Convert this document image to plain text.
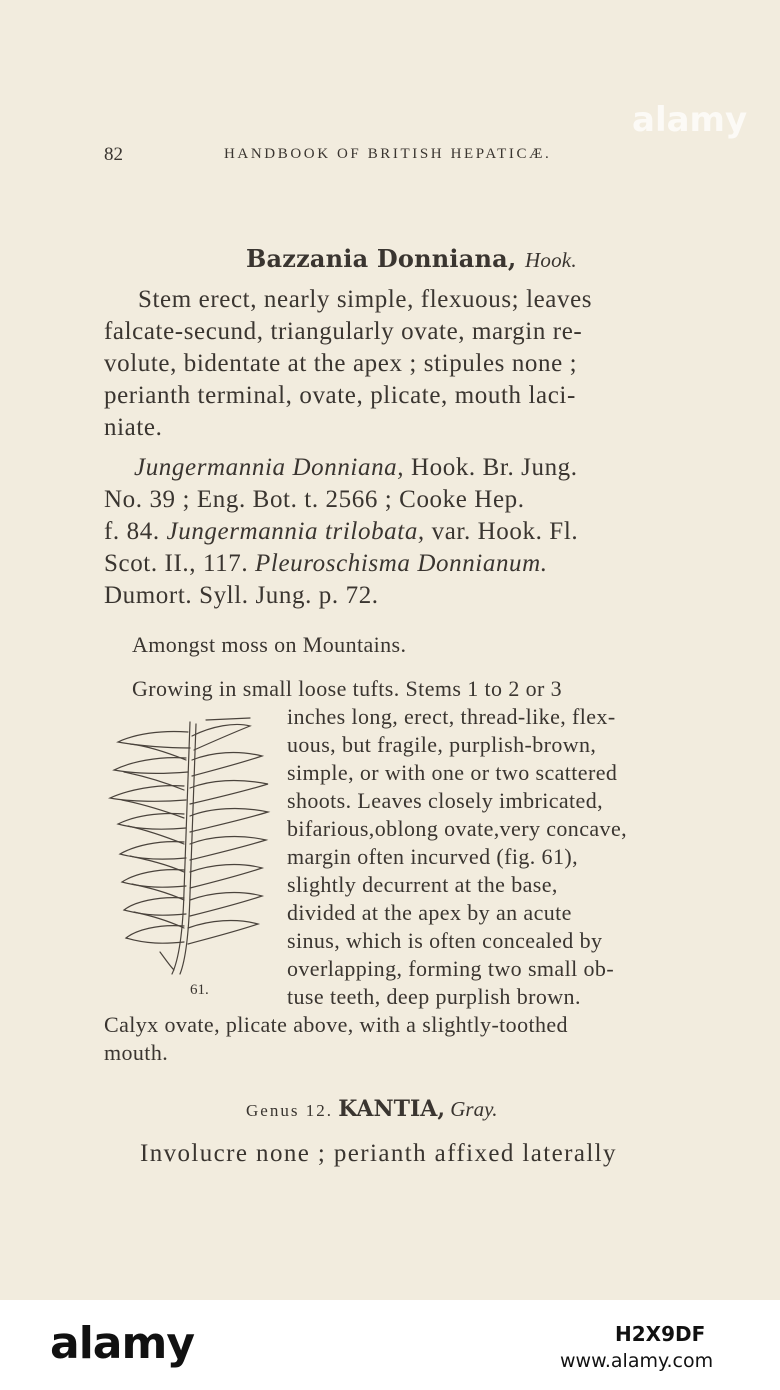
alamy
82	HANDBOOK OF BRITISH HEPATICÆ.
Bazzania Donniana, Hook.
Stem erect, nearly simple, flexuous; leaves
falcate-secund, triangularly ovate, margin re-
volute, bidentate at the apex ; stipules none ;
perianth terminal, ovate, plicate, mouth laci-
niate.
Jungermannia Donniana, Hook. Br. Jung.
No. 39 ; Eng. Bot. t. 2566 ; Cooke Hep.
f. 84. Jungermannia trilobata, var. Hook. Fl.
Scot. II., 117. Pleuroschisma Donnianum.
Dumort. Syll. Jung. p. 72.
Amongst moss on Mountains.
Growing in small loose tufts. Stems 1 to 2 or 3
inches long, erect, thread-like, flex-
uous, but fragile, purplish-brown,
simple, or with one or two scattered
shoots. Leaves closely imbricated,
bifarious,oblong ovate,very concave,
margin often incurved (fig. 61),
slightly decurrent at the base,
divided at the apex by an acute
sinus, which is often concealed by
overlapping, forming two small ob-
tuse teeth, deep purplish brown.
Calyx ovate, plicate above, with a slightly-toothed
mouth.
61.
Genus 12. KANTIA, Gray.
Involucre none ; perianth affixed laterally
alamy	H2X9DF
www.alamy.com
